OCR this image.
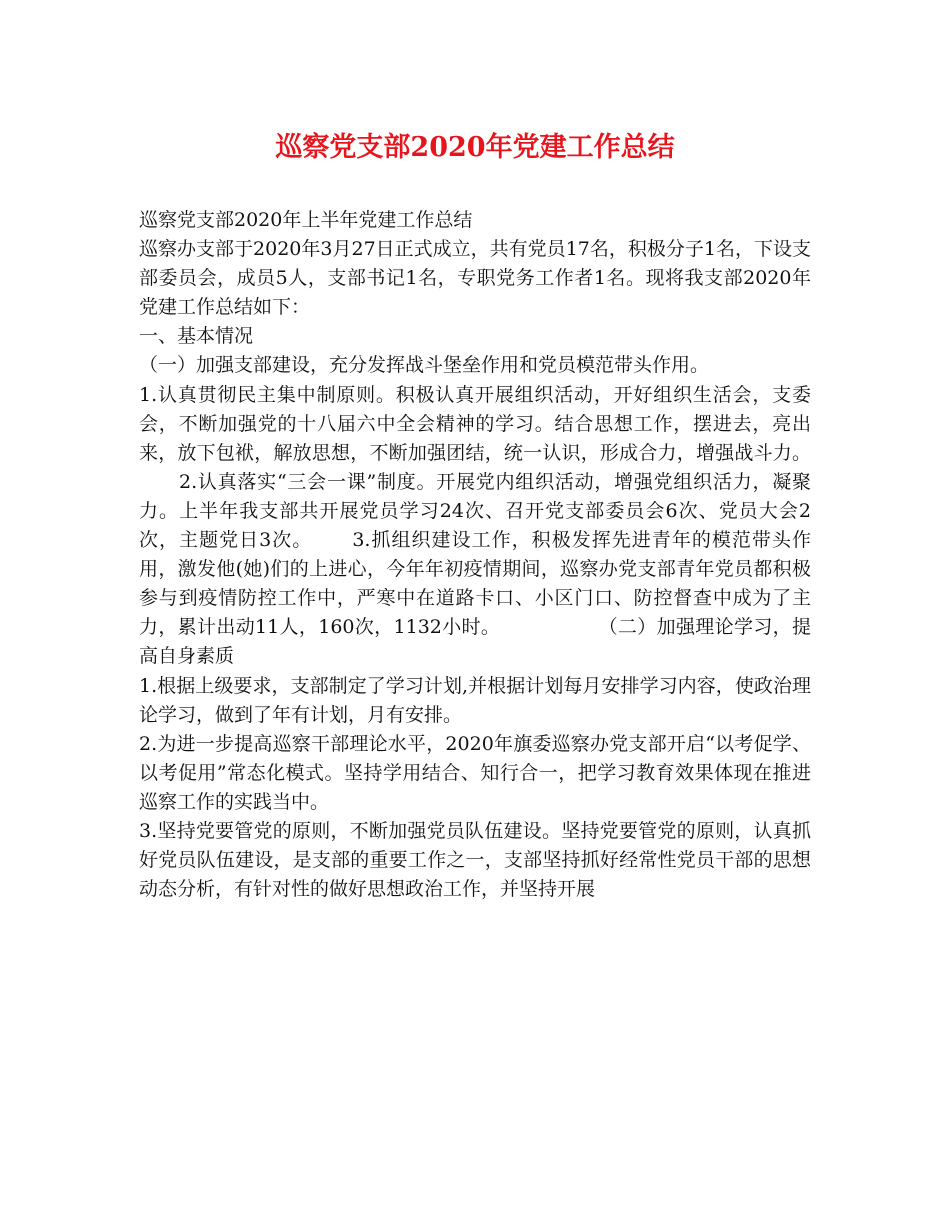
巡察党支部2020年党建工作总结

巡察党支部2020年上半年党建工作总结

巡察办支部于2020年3月27日正式成立，共有党员17名，积极分子1名，下设支部委员会，成员5人，支部书记1名，专职党务工作者1名。现将我支部2020年党建工作总结如下：

一、基本情况

（一）加强支部建设，充分发挥战斗堡垒作用和党员模范带头作用。

1.认真贯彻民主集中制原则。积极认真开展组织活动，开好组织生活会，支委会，不断加强党的十八届六中全会精神的学习。结合思想工作，摆进去，亮出来，放下包袱，解放思想，不断加强团结，统一认识，形成合力，增强战斗力。2.认真落实“三会一课”制度。开展党内组织活动，增强党组织活力，凝聚力。上半年我支部共开展党员学习24次、召开党支部委员会6次、党员大会2次，主题党日3次。 3.抓组织建设工作，积极发挥先进青年的模范带头作用，激发他(她)们的上进心，今年年初疫情期间，巡察办党支部青年党员都积极参与到疫情防控工作中，严寒中在道路卡口、小区门口、防控督查中成为了主力，累计出动11人，160次，1132小时。	（二）加强理论学习，提高自身素质

1.根据上级要求，支部制定了学习计划,并根据计划每月安排学习内容，使政治理论学习，做到了年有计划，月有安排。

2.为进一步提高巡察干部理论水平，2020年旗委巡察办党支部开启“以考促学、以考促用”常态化模式。坚持学用结合、知行合一，把学习教育效果体现在推进巡察工作的实践当中。

3.坚持党要管党的原则，不断加强党员队伍建设。坚持党要管党的原则，认真抓好党员队伍建设，是支部的重要工作之一，支部坚持抓好经常性党员干部的思想动态分析，有针对性的做好思想政治工作，并坚持开展
